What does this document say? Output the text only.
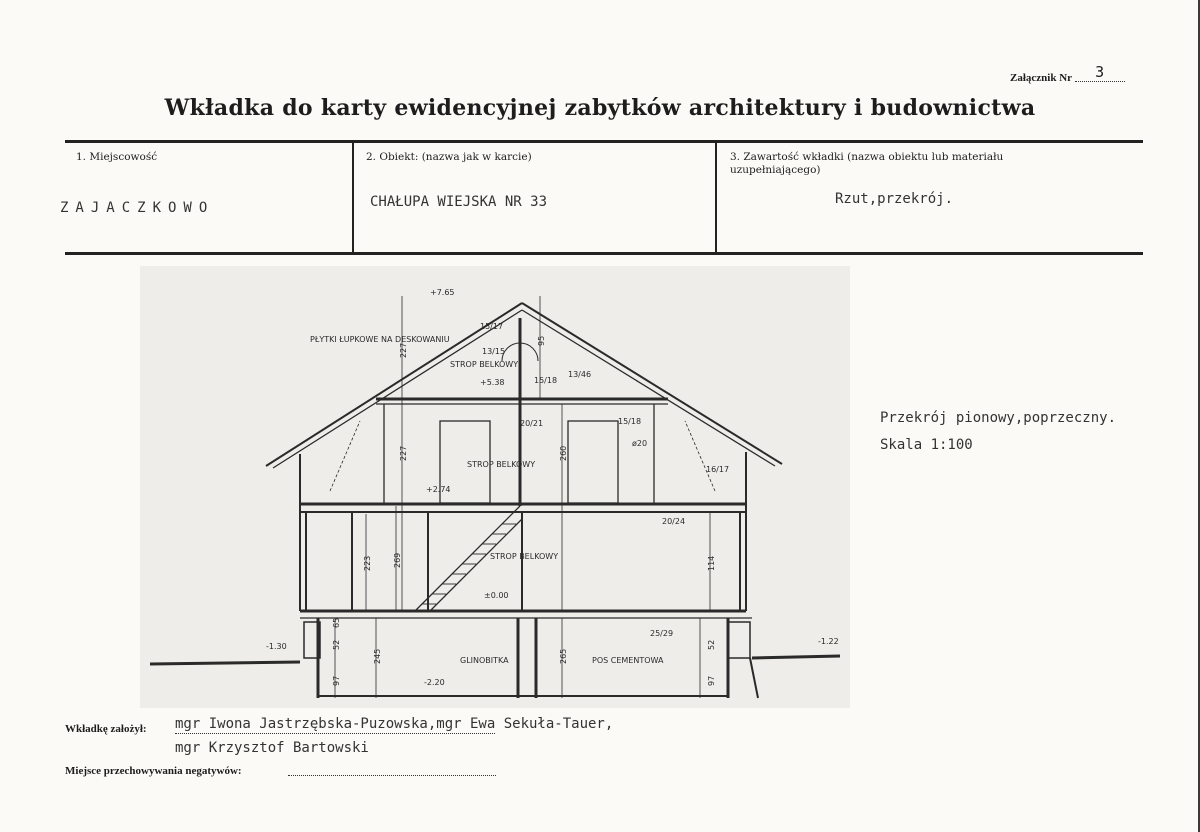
Załącznik Nr 3
Wkładka do karty ewidencyjnej zabytków architektury i budownictwa
1. Miejscowość
ZAJACZKOWO
2. Obiekt: (nazwa jak w karcie)
CHAŁUPA WIEJSKA NR 33
3. Zawartość wkładki (nazwa obiektu lub materiału uzupełniającego)
Rzut,przekrój.
PŁYTKI ŁUPKOWE NA DESKOWANIU
STROP BELKOWY
STROP BELKOWY
STROP BELKOWY
GLINOBITKA	POS CEMENTOWA
+7.65
+5.38
+2.74
±0.00
-1.30
-1.22
-2.20
15/17
13/15
15/18
13/46
20/21	15/18
ø20
20/24
25/29
16/17
227
227
223	269
245	265
260
95
97	97
52	52
65
114
Przekrój pionowy,poprzeczny.
Skala 1:100
Wkładkę założył: mgr Iwona Jastrzębska-Puzowska,mgr Ewa Sekuła-Tauer,
mgr Krzysztof Bartowski
Miejsce przechowywania negatywów:
